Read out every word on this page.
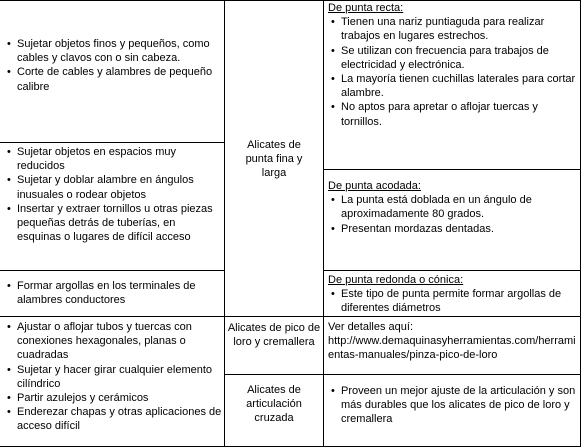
• Sujetar objetos finos y pequeños, como cables y clavos con o sin cabeza.
• Corte de cables y alambres de pequeño calibre
• Sujetar objetos en espacios muy reducidos
• Sujetar y doblar alambre en ángulos inusuales o rodear objetos
• Insertar y extraer tornillos u otras piezas pequeñas detrás de tuberías, en esquinas o lugares de difícil acceso
• Formar argollas en los terminales de alambres conductores
• Ajustar o aflojar tubos y tuercas con conexiones hexagonales, planas o cuadradas
• Sujetar y hacer girar cualquier elemento cilíndrico
• Partir azulejos y cerámicos
• Enderezar chapas y otras aplicaciones de acceso difícil
Alicates de punta fina y larga
Alicates de pico de loro y cremallera
Alicates de articulación cruzada
De punta recta:
• Tienen una nariz puntiaguda para realizar trabajos en lugares estrechos.
• Se utilizan con frecuencia para trabajos de electricidad y electrónica.
• La mayoría tienen cuchillas laterales para cortar alambre.
• No aptos para apretar o aflojar tuercas y tornillos.
De punta acodada:
• La punta está doblada en un ángulo de aproximadamente 80 grados.
• Presentan mordazas dentadas.
De punta redonda o cónica:
• Este tipo de punta permite formar argollas de diferentes diámetros
Ver detalles aquí:
http://www.demaquinasyherramientas.com/herramientas-manuales/pinza-pico-de-loro
• Proveen un mejor ajuste de la articulación y son más durables que los alicates de pico de loro y cremallera
